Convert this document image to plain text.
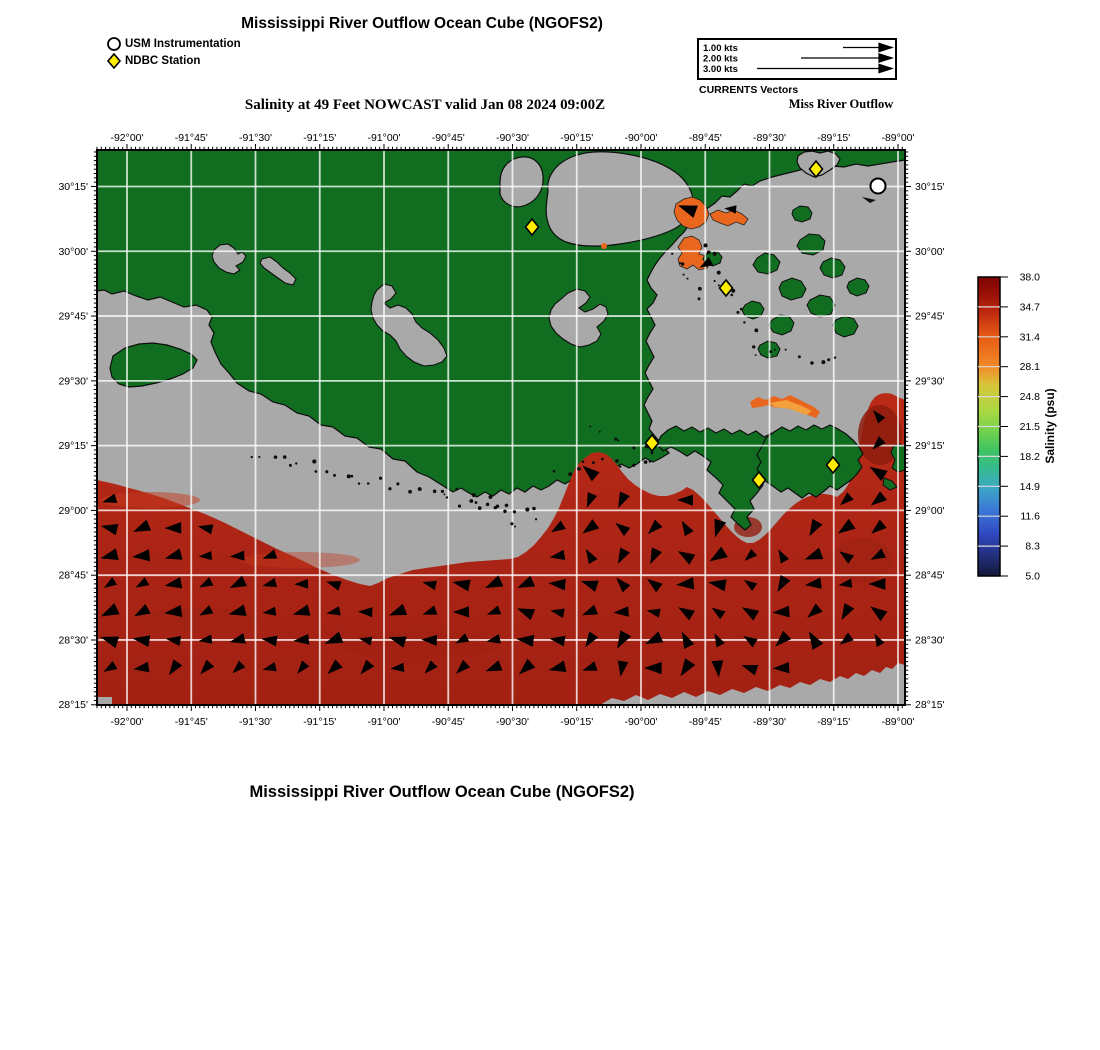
Mississippi River Outflow Ocean Cube (NGOFS2)
USM Instrumentation
NDBC Station
1.00 kts
2.00 kts
3.00 kts
CURRENTS Vectors
Miss River Outflow
Salinity at 49 Feet NOWCAST valid Jan 08 2024 09:00Z
-92°00'
-92°00'
-91°45'
-91°45'
-91°30'
-91°30'
-91°15'
-91°15'
-91°00'
-91°00'
-90°45'
-90°45'
-90°30'
-90°30'
-90°15'
-90°15'
-90°00'
-90°00'
-89°45'
-89°45'
-89°30'
-89°30'
-89°15'
-89°15'
-89°00'
-89°00'
30°15'	30°15'
30°00'	30°00'
29°45'	29°45'
29°30'	29°30'
29°15'	29°15'
29°00'	29°00'
28°45'	28°45'
28°30'	28°30'
28°15'	28°15'
38.0
34.7
31.4
28.1
24.8
21.5
18.2
14.9
11.6
8.3
5.0
Salinity (psu)
Mississippi River Outflow Ocean Cube (NGOFS2)
